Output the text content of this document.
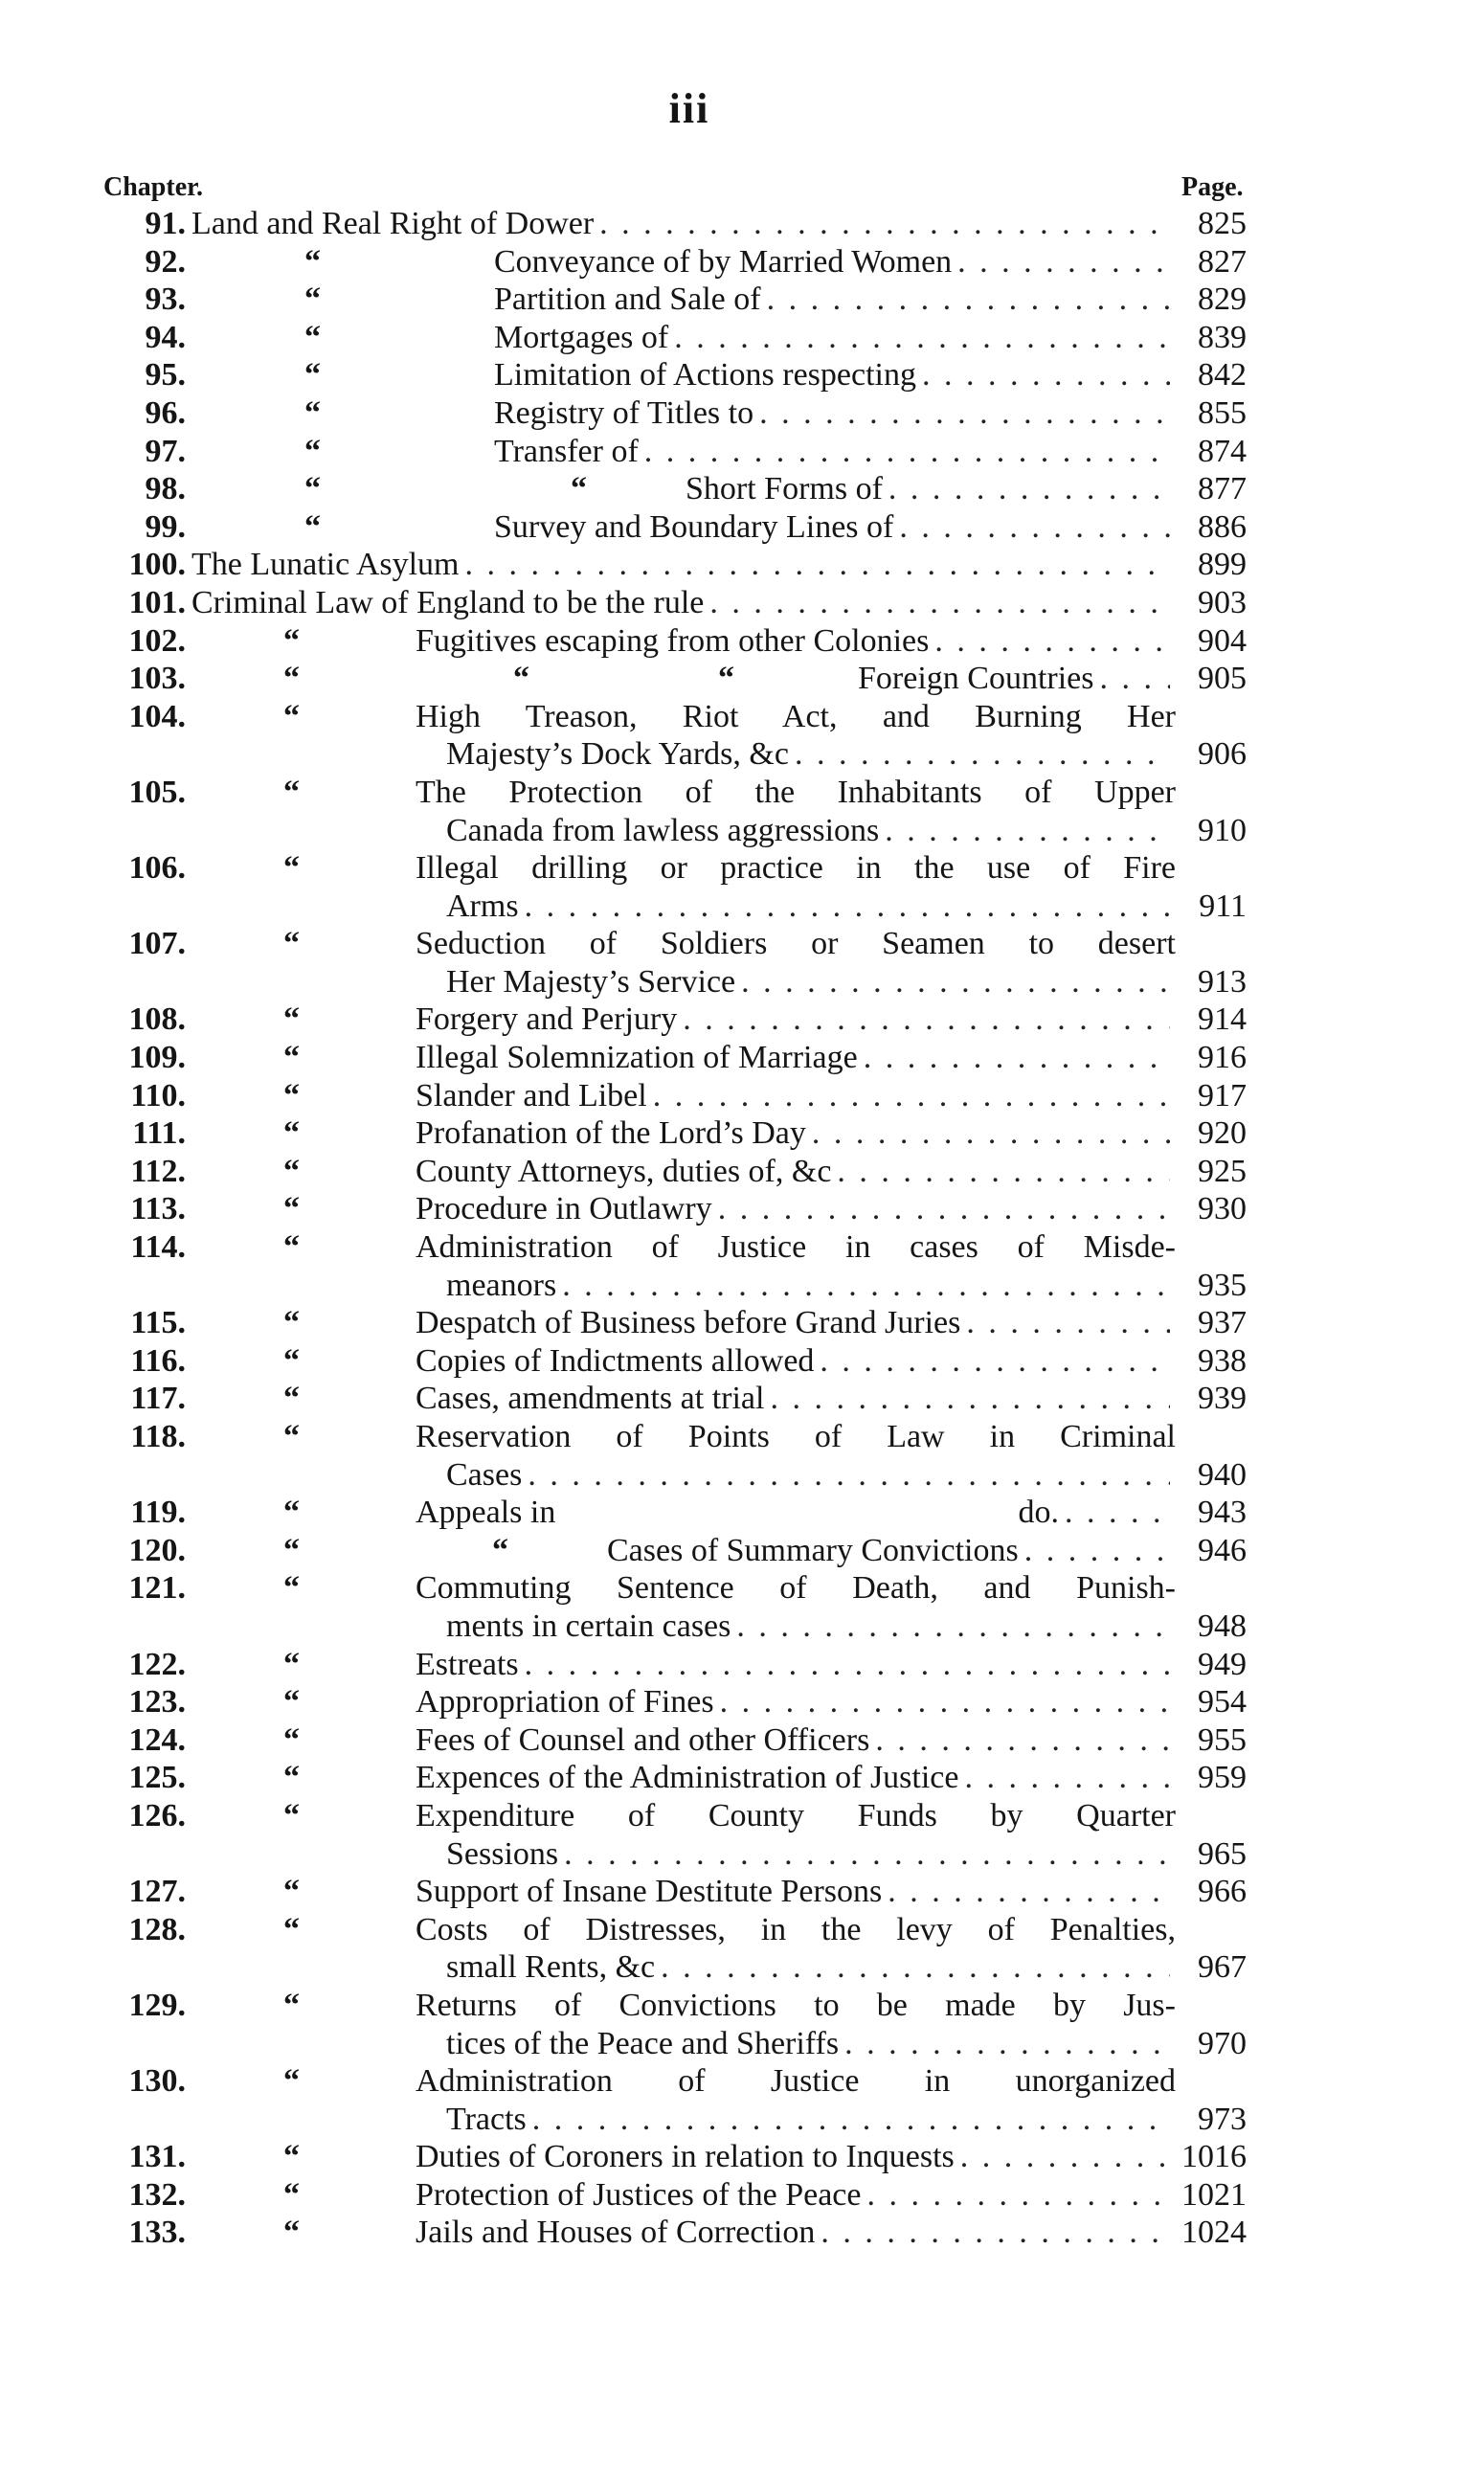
iii
Chapter.	Page.
91. Land and Real Right of Dower . . .	825
92.	“	Conveyance of by Married Women . . .	827
93.	“	Partition and Sale of . . .	829
94.	“	Mortgages of . . .	839
95.	“	Limitation of Actions respecting . . .	842
96.	“	Registry of Titles to . . .	855
97.	“	Transfer of . . .	874
98.	“	“	Short Forms of . . .	877
99.	“	Survey and Boundary Lines of . . .	886
100. The Lunatic Asylum . . .	899
101. Criminal Law of England to be the rule . . .	903
102.	“	Fugitives escaping from other Colonies . . .	904
103.	“	“	“	Foreign Countries . . .	905
104.	“	High Treason, Riot Act, and Burning Her
Majesty’s Dock Yards, &c . . .	906
105.	“	The Protection of the Inhabitants of Upper
Canada from lawless aggressions . . .	910
106.	“	Illegal drilling or practice in the use of Fire
Arms . . .	911
107.	“	Seduction of Soldiers or Seamen to desert
Her Majesty’s Service . . .	913
108.	“	Forgery and Perjury . . .	914
109.	“	Illegal Solemnization of Marriage . . .	916
110.	“	Slander and Libel . . .	917
111.	“	Profanation of the Lord’s Day . . .	920
112.	“	County Attorneys, duties of, &c . . .	925
113.	“	Procedure in Outlawry . . .	930
114.	“	Administration of Justice in cases of Misde-
meanors . . .	935
115.	“	Despatch of Business before Grand Juries . . .	937
116.	“	Copies of Indictments allowed . . .	938
117.	“	Cases, amendments at trial . . .	939
118.	“	Reservation of Points of Law in Criminal
Cases . . .	940
119.	“	Appeals in	do. . . .	943
120.	“	“	Cases of Summary Convictions . . .	946
121.	“	Commuting Sentence of Death, and Punish-
ments in certain cases . . .	948
122.	“	Estreats . . .	949
123.	“	Appropriation of Fines . . .	954
124.	“	Fees of Counsel and other Officers . . .	955
125.	“	Expences of the Administration of Justice . . .	959
126.	“	Expenditure of County Funds by Quarter
Sessions . . .	965
127.	“	Support of Insane Destitute Persons . . .	966
128.	“	Costs of Distresses, in the levy of Penalties,
small Rents, &c . . .	967
129.	“	Returns of Convictions to be made by Jus-
tices of the Peace and Sheriffs . . .	970
130.	“	Administration of Justice in unorganized
Tracts . . .	973
131.	“	Duties of Coroners in relation to Inquests . . .	1016
132.	“	Protection of Justices of the Peace . . .	1021
133.	“	Jails and Houses of Correction . . .	1024
